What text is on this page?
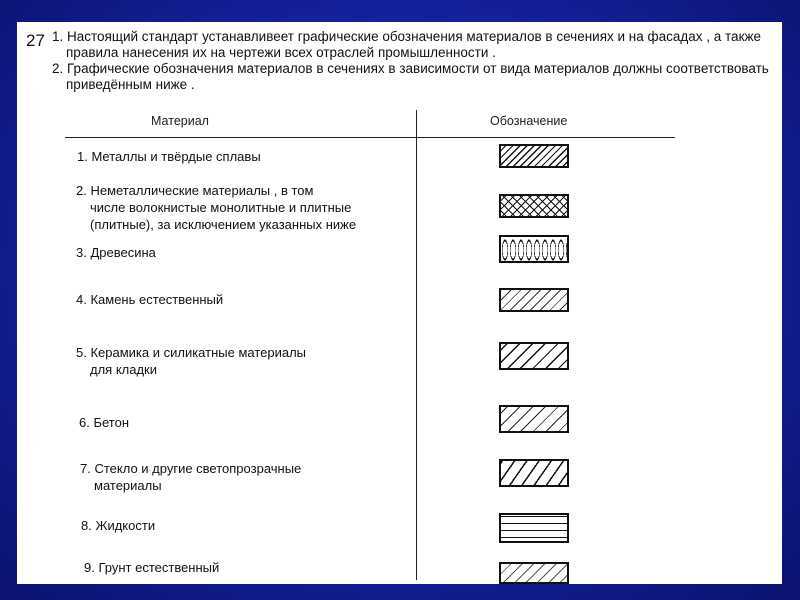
27 1. Настоящий стандарт устанавливеет графические обозначения материалов в сечениях и на фасадах , а также правила нанесения их на чертежи всех отраслей промышленности .

2. Графические обозначения материалов в сечениях в зависимости от вида материалов должны соответствовать приведённым ниже .

Материал	Обозначение
1. Металлы и твёрдые сплавы
2. Неметаллические материалы , в том
числе волокнистые монолитные и плитные
(плитные), за исключением указанных ниже
3. Древесина
4. Камень естественный
5. Керамика и силикатные материалы
для кладки
6. Бетон
7. Стекло и другие светопрозрачные
материалы
8. Жидкости
9. Грунт естественный
